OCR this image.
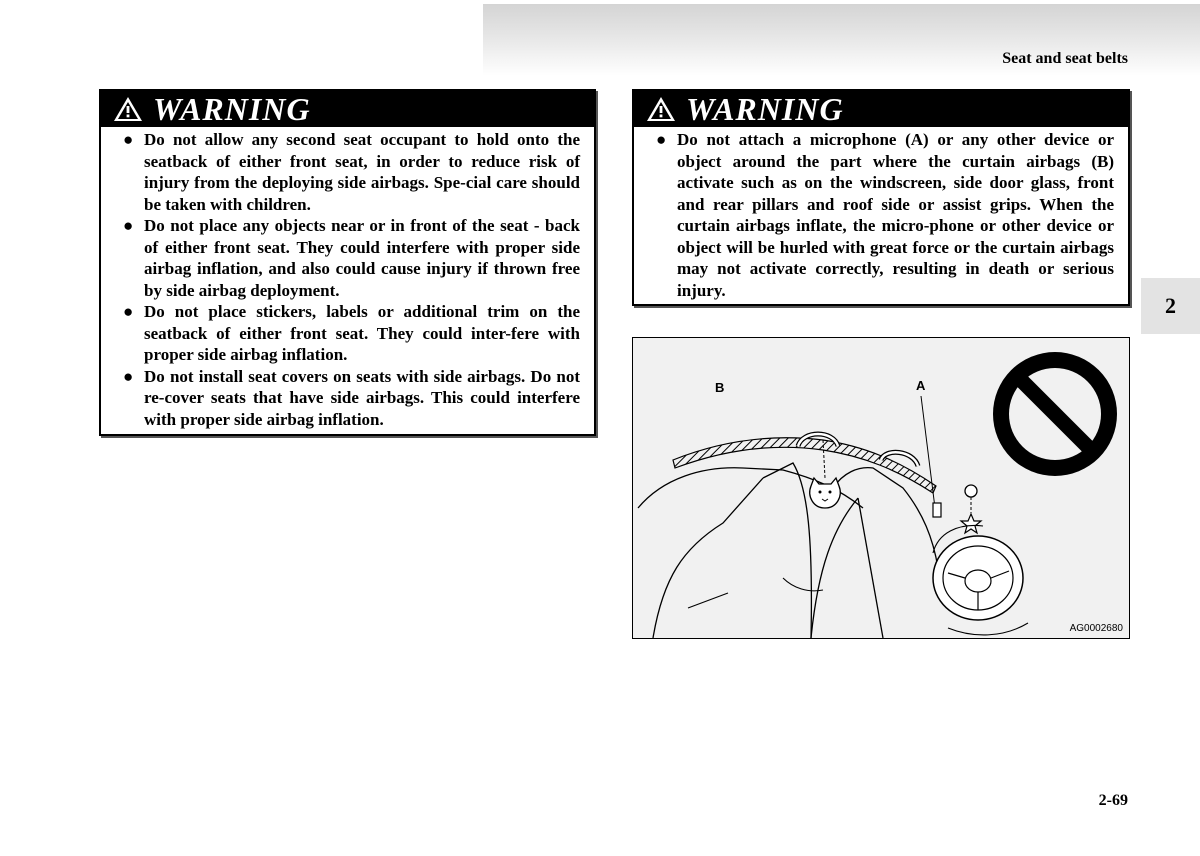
Seat and seat belts
2
WARNING
● Do not allow any second seat occupant to hold onto the seatback of either front seat, in order to reduce risk of injury from the deploying side airbags. Spe-cial care should be taken with children.
● Do not place any objects near or in front of the seat - back of either front seat. They could interfere with proper side airbag inflation, and also could cause injury if thrown free by side airbag deployment.
● Do not place stickers, labels or additional trim on the seatback of either front seat. They could inter-fere with proper side airbag inflation.
● Do not install seat covers on seats with side airbags. Do not re-cover seats that have side airbags. This could interfere with proper side airbag inflation.
WARNING
● Do not attach a microphone (A) or any other device or object around the part where the curtain airbags (B) activate such as on the windscreen, side door glass, front and rear pillars and roof side or assist grips. When the curtain airbags inflate, the micro-phone or other device or object will be hurled with great force or the curtain airbags may not activate correctly, resulting in death or serious injury.
B	A
AG0002680
2-69
